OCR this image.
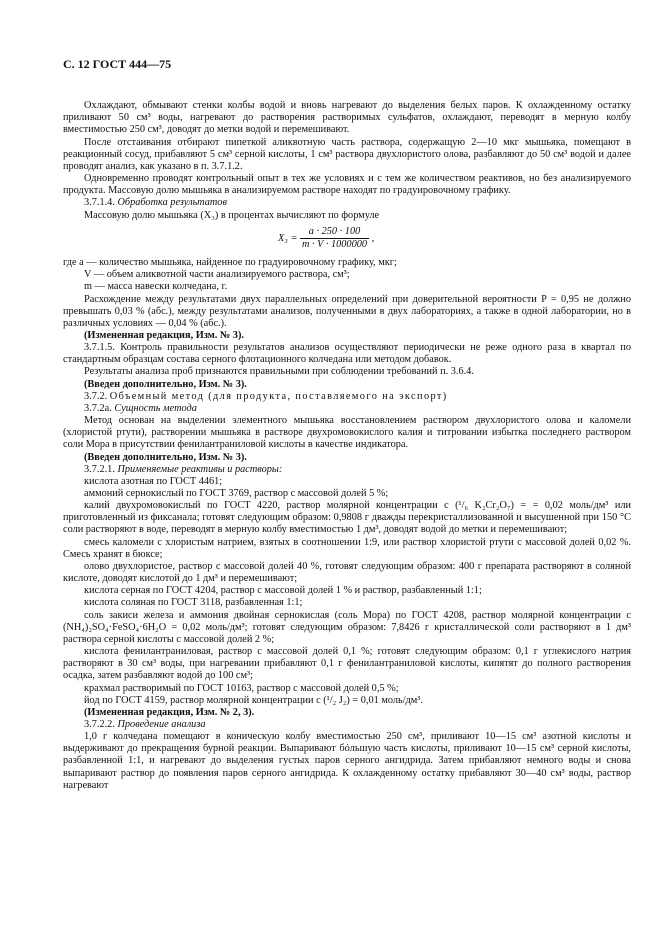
С. 12 ГОСТ 444—75

Охлаждают, обмывают стенки колбы водой и вновь нагревают до выделения белых паров. К охлажденному остатку приливают 50 см³ воды, нагревают до растворения растворимых сульфатов, охлаждают, переводят в мерную колбу вместимостью 250 см³, доводят до метки водой и перемешивают.

После отстаивания отбирают пипеткой аликвотную часть раствора, содержащую 2—10 мкг мышьяка, помещают в реакционный сосуд, прибавляют 5 см³ серной кислоты, 1 см³ раствора двухлористого олова, разбавляют до 50 см³ водой и далее проводят анализ, как указано в п. 3.7.1.2.

Одновременно проводят контрольный опыт в тех же условиях и с тем же количеством реактивов, но без анализируемого продукта. Массовую долю мышьяка в анализируемом растворе находят по градуировочному графику.

3.7.1.4. Обработка результатов

Массовую долю мышьяка (X₃) в процентах вычисляют по формуле

$X_3 = \frac{a \cdot 250 \cdot 100}{m \cdot V \cdot 1000000}$ ,

где a — количество мышьяка, найденное по градуировочному графику, мкг;

V — объем аликвотной части анализируемого раствора, см³;

m — масса навески колчедана, г.

Расхождение между результатами двух параллельных определений при доверительной вероятности P = 0,95 не должно превышать 0,03 % (абс.), между результатами анализов, полученными в двух лабораториях, а также в одной лаборатории, но в различных условиях — 0,04 % (абс.).

(Измененная редакция, Изм. № 3).

3.7.1.5. Контроль правильности результатов анализов осуществляют периодически не реже одного раза в квартал по стандартным образцам состава серного флотационного колчедана или методом добавок.

Результаты анализа проб признаются правильными при соблюдении требований п. 3.6.4.

(Введен дополнительно, Изм. № 3).

3.7.2. Объемный метод (для продукта, поставляемого на экспорт)

3.7.2а. Сущность метода

Метод основан на выделении элементного мышьяка восстановлением раствором двухлористого олова и каломели (хлористой ртути), растворении мышьяка в растворе двухромовокислого калия и титровании избытка последнего раствором соли Мора в присутствии фенилантраниловой кислоты в качестве индикатора.

(Введен дополнительно, Изм. № 3).

3.7.2.1. Применяемые реактивы и растворы:

кислота азотная по ГОСТ 4461;

аммоний сернокислый по ГОСТ 3769, раствор с массовой долей 5 %;

калий двухромовокислый по ГОСТ 4220, раствор молярной концентрации c (¹/₆ K₂Cr₂O₇) = = 0,02 моль/дм³ или приготовленный из фиксанала; готовят следующим образом: 0,9808 г дважды перекристаллизованной и высушенной при 150 °С соли растворяют в воде, переводят в мерную колбу вместимостью 1 дм³, доводят водой до метки и перемешивают;

смесь каломели с хлористым натрием, взятых в соотношении 1:9, или раствор хлористой ртути с массовой долей 0,02 %. Смесь хранят в бюксе;

олово двухлористое, раствор с массовой долей 40 %, готовят следующим образом: 400 г препарата растворяют в соляной кислоте, доводят кислотой до 1 дм³ и перемешивают;

кислота серная по ГОСТ 4204, раствор с массовой долей 1 % и раствор, разбавленный 1:1;

кислота соляная по ГОСТ 3118, разбавленная 1:1;

соль закиси железа и аммония двойная сернокислая (соль Мора) по ГОСТ 4208, раствор молярной концентрации c (NH₄)₂SO₄·FeSO₄·6H₂O = 0,02 моль/дм³; готовят следующим образом: 7,8426 г кристаллической соли растворяют в 1 дм³ раствора серной кислоты с массовой долей 2 %;

кислота фенилантраниловая, раствор с массовой долей 0,1 %; готовят следующим образом: 0,1 г углекислого натрия растворяют в 30 см³ воды, при нагревании прибавляют 0,1 г фенилантраниловой кислоты, кипятят до полного растворения осадка, затем разбавляют водой до 100 см³;

крахмал растворимый по ГОСТ 10163, раствор с массовой долей 0,5 %;

йод по ГОСТ 4159, раствор молярной концентрации c (¹/₂ J₂) = 0,01 моль/дм³.

(Измененная редакция, Изм. № 2, 3).

3.7.2.2. Проведение анализа

1,0 г колчедана помещают в коническую колбу вместимостью 250 см³, приливают 10—15 см³ азотной кислоты и выдерживают до прекращения бурной реакции. Выпаривают бóльшую часть кислоты, приливают 10—15 см³ серной кислоты, разбавленной 1:1, и нагревают до выделения густых паров серного ангидрида. Затем прибавляют немного воды и снова выпаривают раствор до появления паров серного ангидрида. К охлажденному остатку прибавляют 30—40 см³ воды, раствор нагревают
